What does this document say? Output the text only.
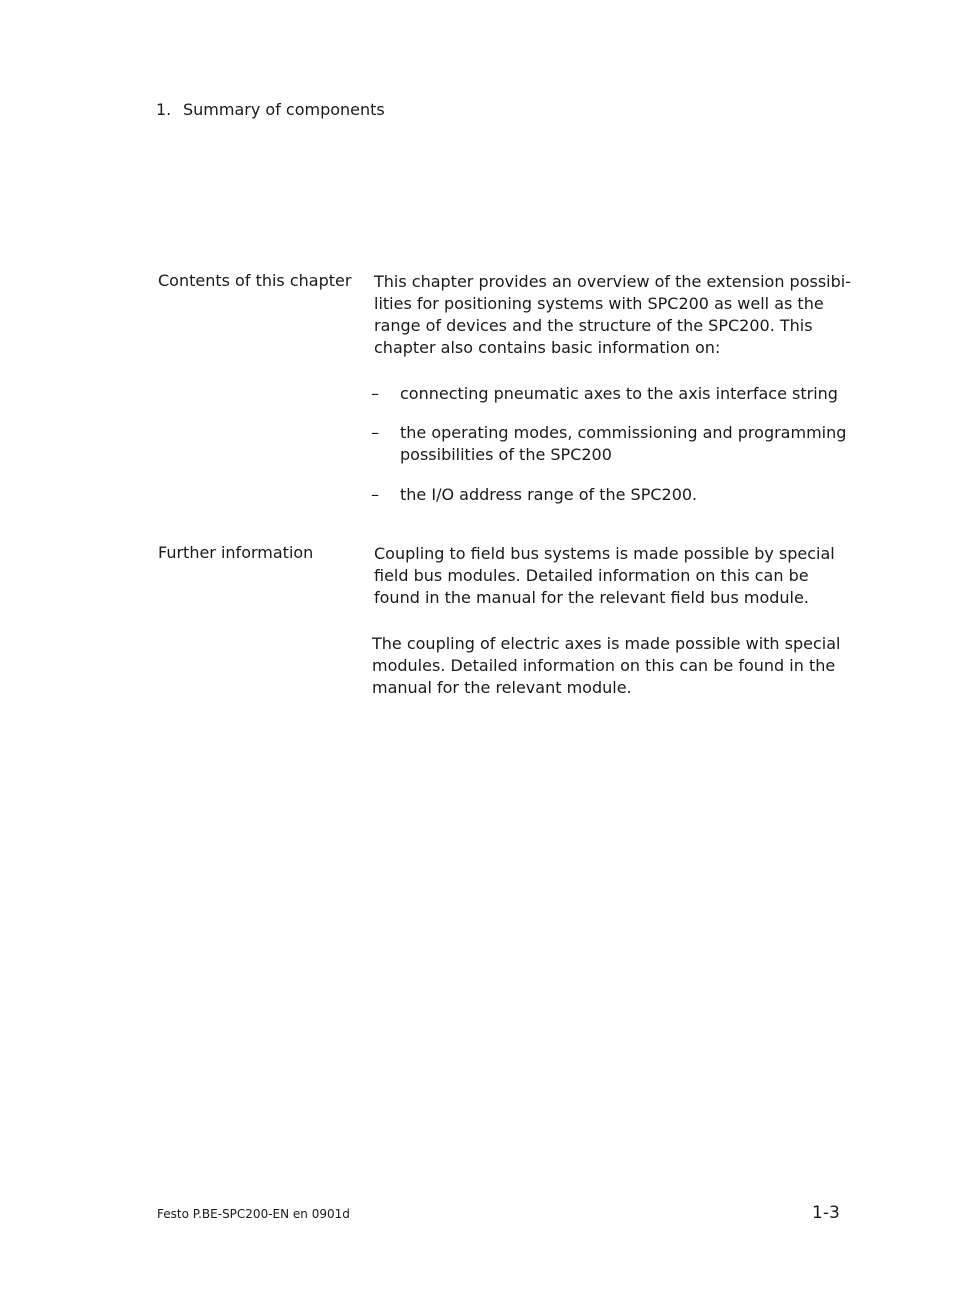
1. Summary of components
Contents of this chapter This chapter provides an overview of the extension possibi-
lities for positioning systems with SPC200 as well as the
range of devices and the structure of the SPC200. This
chapter also contains basic information on:
– connecting pneumatic axes to the axis interface string
– the operating modes, commissioning and programming
possibilities of the SPC200
– the I/O address range of the SPC200.
Further information	Coupling to field bus systems is made possible by special
field bus modules. Detailed information on this can be
found in the manual for the relevant field bus module.
The coupling of electric axes is made possible with special
modules. Detailed information on this can be found in the
manual for the relevant module.
Festo P.BE-SPC200-EN en 0901d	1-3
